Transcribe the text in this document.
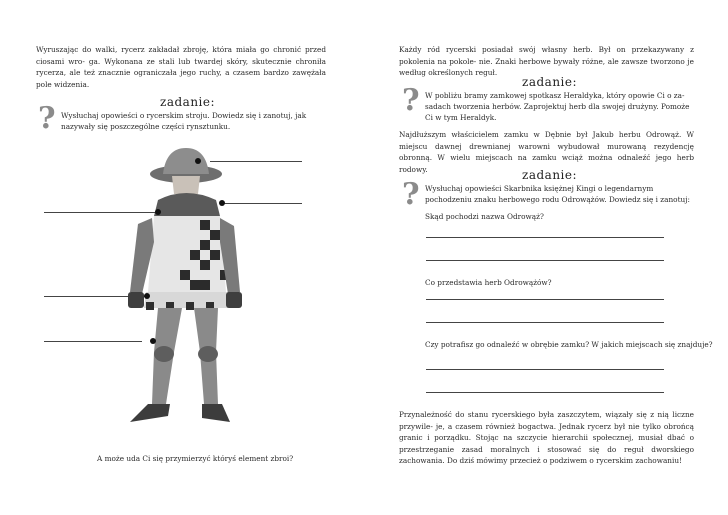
Wyruszając do walki, rycerz zakładał zbroję, która miała go chronić przed ciosami wro- ga. Wykonana ze stali lub twardej skóry, skutecznie chroniła rycerza, ale też znacznie ograniczała jego ruchy, a czasem bardzo zawężała pole widzenia.

zadanie:

? Wysłuchaj opowieści o rycerskim stroju. Dowiedz się i zanotuj, jak nazywały się poszczególne części rynsztunku.

A może uda Ci się przymierzyć któryś element zbroi?

Każdy ród rycerski posiadał swój własny herb. Był on przekazywany z pokolenia na pokole- nie. Znaki herbowe bywały różne, ale zawsze tworzono je według określonych reguł.

zadanie:

? W pobliżu bramy zamkowej spotkasz Heraldyka, który opowie Ci o za- sadach tworzenia herbów. Zaprojektuj herb dla swojej drużyny. Pomoże Ci w tym Heraldyk.

Najdłuższym właścicielem zamku w Dębnie był Jakub herbu Odrowąż. W miejscu dawnej drewnianej warowni wybudował murowaną rezydencję obronną. W wielu miejscach na zamku wciąż można odnaleźć jego herb rodowy.	zadanie:

? Wysłuchaj opowieści Skarbnika księżnej Kingi o legendarnym pochodzeniu znaku herbowego rodu Odrowążów. Dowiedz się i zanotuj:

Skąd pochodzi nazwa Odrowąż?

Co przedstawia herb Odrowążów?

Czy potrafisz go odnaleźć w obrębie zamku? W jakich miejscach się znajduje?

Przynależność do stanu rycerskiego była zaszczytem, wiązały się z nią liczne przywile- je, a czasem również bogactwa. Jednak rycerz był nie tylko obrońcą granic i porządku. Stojąc na szczycie hierarchii społecznej, musiał dbać o przestrzeganie zasad moralnych i stosować się do reguł dworskiego zachowania. Do dziś mówimy przecież o podziwem o rycerskim zachowaniu!
